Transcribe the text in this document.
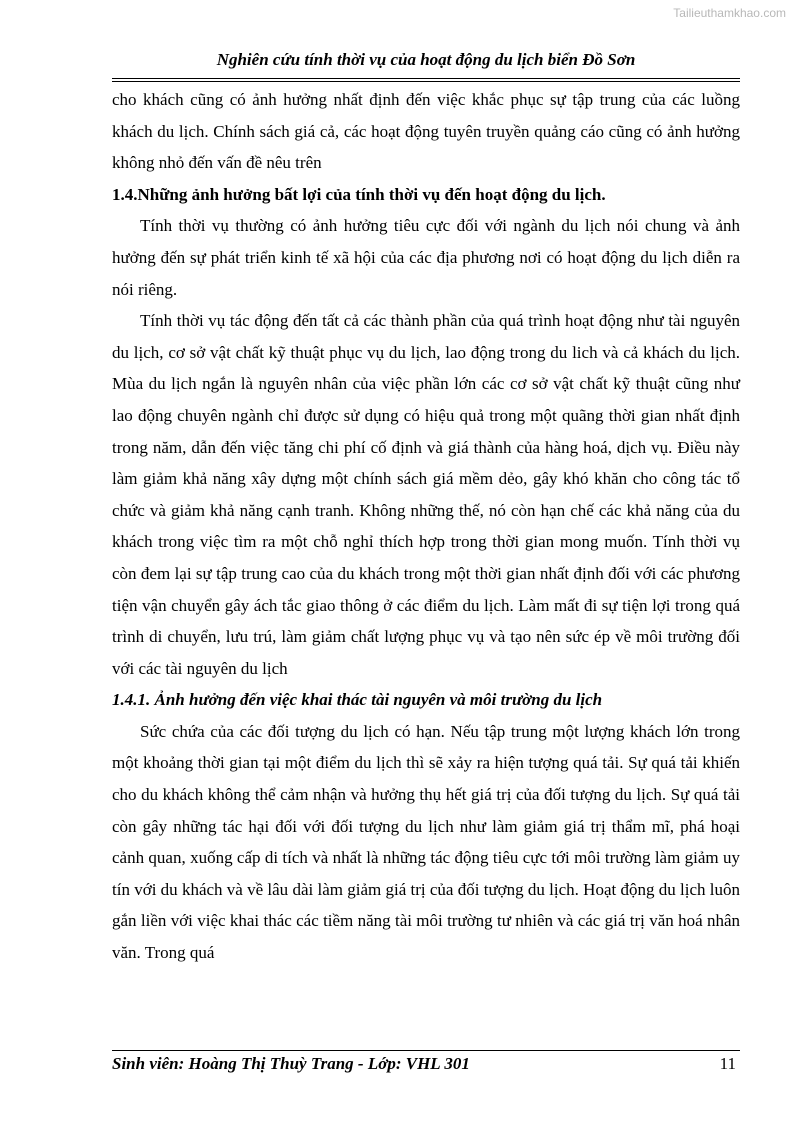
Tailieuthamkhao.com
Nghiên cứu tính thời vụ của hoạt động du lịch biển Đồ Sơn

cho khách cũng có ảnh hưởng nhất định đến việc khắc phục sự tập trung của các luồng khách du lịch. Chính sách giá cả, các hoạt động tuyên truyền quảng cáo cũng có ảnh hưởng không nhỏ đến vấn đề nêu trên

1.4.Những ảnh hưởng bất lợi của tính thời vụ đến hoạt động du lịch.

Tính thời vụ thường có ảnh hưởng tiêu cực đối với ngành du lịch nói chung và ảnh hưởng đến sự phát triển kinh tế xã hội của các địa phương nơi có hoạt động du lịch diễn ra nói riêng.

Tính thời vụ tác động đến tất cả các thành phần của quá trình hoạt động như tài nguyên du lịch, cơ sở vật chất kỹ thuật phục vụ du lịch, lao động trong du lich và cả khách du lịch. Mùa du lịch ngắn là nguyên nhân của việc phần lớn các cơ sở vật chất kỹ thuật cũng như lao động chuyên ngành chỉ được sử dụng có hiệu quả trong một quãng thời gian nhất định trong năm, dẫn đến việc tăng chi phí cố định và giá thành của hàng hoá, dịch vụ. Điều này làm giảm khả năng xây dựng một chính sách giá mềm dẻo, gây khó khăn cho công tác tổ chức và giảm khả năng cạnh tranh. Không những thế, nó còn hạn chế các khả năng của du khách trong việc tìm ra một chỗ nghỉ thích hợp trong thời gian mong muốn. Tính thời vụ còn đem lại sự tập trung cao của du khách trong một thời gian nhất định đối với các phương tiện vận chuyển gây ách tắc giao thông ở các điểm du lịch. Làm mất đi sự tiện lợi trong quá trình di chuyển, lưu trú, làm giảm chất lượng phục vụ và tạo nên sức ép về môi trường đối với các tài nguyên du lịch

1.4.1. Ảnh hưởng đến việc khai thác tài nguyên và môi trường du lịch

Sức chứa của các đối tượng du lịch có hạn. Nếu tập trung một lượng khách lớn trong một khoảng thời gian tại một điểm du lịch thì sẽ xảy ra hiện tượng quá tải. Sự quá tải khiến cho du khách không thể cảm nhận và hưởng thụ hết giá trị của đối tượng du lịch. Sự quá tải còn gây những tác hại đối với đối tượng du lịch như làm giảm giá trị thẩm mĩ, phá hoại cảnh quan, xuống cấp di tích và nhất là những tác động tiêu cực tới môi trường làm giảm uy tín với du khách và về lâu dài làm giảm giá trị của đối tượng du lịch. Hoạt động du lịch luôn gắn liền với việc khai thác các tiềm năng tài môi trường tư nhiên và các giá trị văn hoá nhân văn. Trong quá

Sinh viên: Hoàng Thị Thuỳ Trang - Lớp: VHL 301	11
